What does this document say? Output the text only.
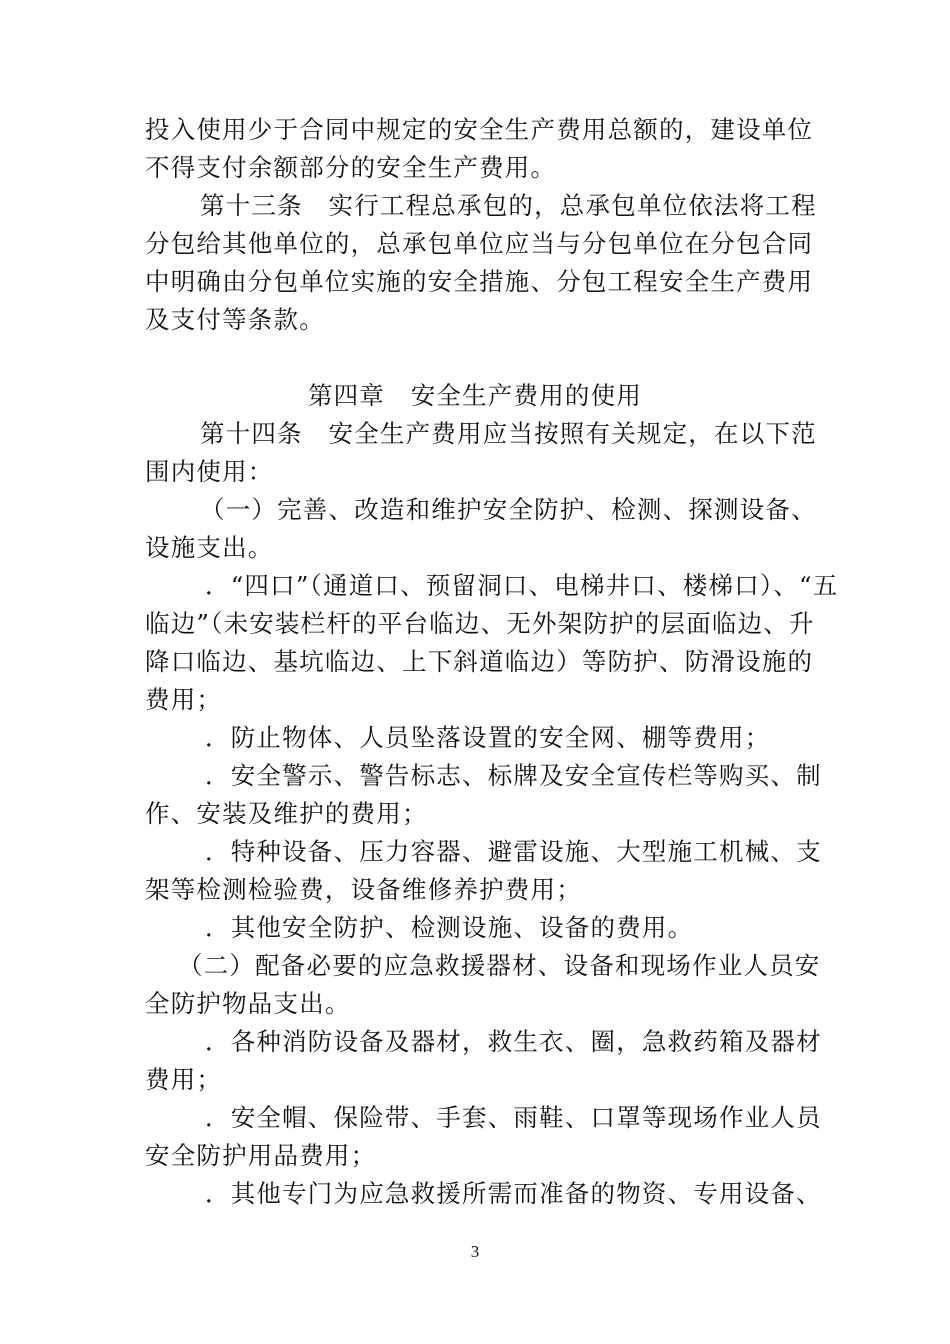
投入使用少于合同中规定的安全生产费用总额的，建设单位
不得支付余额部分的安全生产费用。
第十三条　实行工程总承包的，总承包单位依法将工程
分包给其他单位的，总承包单位应当与分包单位在分包合同
中明确由分包单位实施的安全措施、分包工程安全生产费用
及支付等条款。
第四章　安全生产费用的使用
第十四条　安全生产费用应当按照有关规定，在以下范
围内使用：
（一）完善、改造和维护安全防护、检测、探测设备、
设施支出。
．“四口”（通道口、预留洞口、电梯井口、楼梯口）、“五
临边”（未安装栏杆的平台临边、无外架防护的层面临边、升
降口临边、基坑临边、上下斜道临边）等防护、防滑设施的
费用；
．防止物体、人员坠落设置的安全网、棚等费用；
．安全警示、警告标志、标牌及安全宣传栏等购买、制
作、安装及维护的费用；
．特种设备、压力容器、避雷设施、大型施工机械、支
架等检测检验费，设备维修养护费用；
．其他安全防护、检测设施、设备的费用。
（二）配备必要的应急救援器材、设备和现场作业人员安
全防护物品支出。
．各种消防设备及器材，救生衣、圈，急救药箱及器材
费用；
．安全帽、保险带、手套、雨鞋、口罩等现场作业人员
安全防护用品费用；
．其他专门为应急救援所需而准备的物资、专用设备、
3
